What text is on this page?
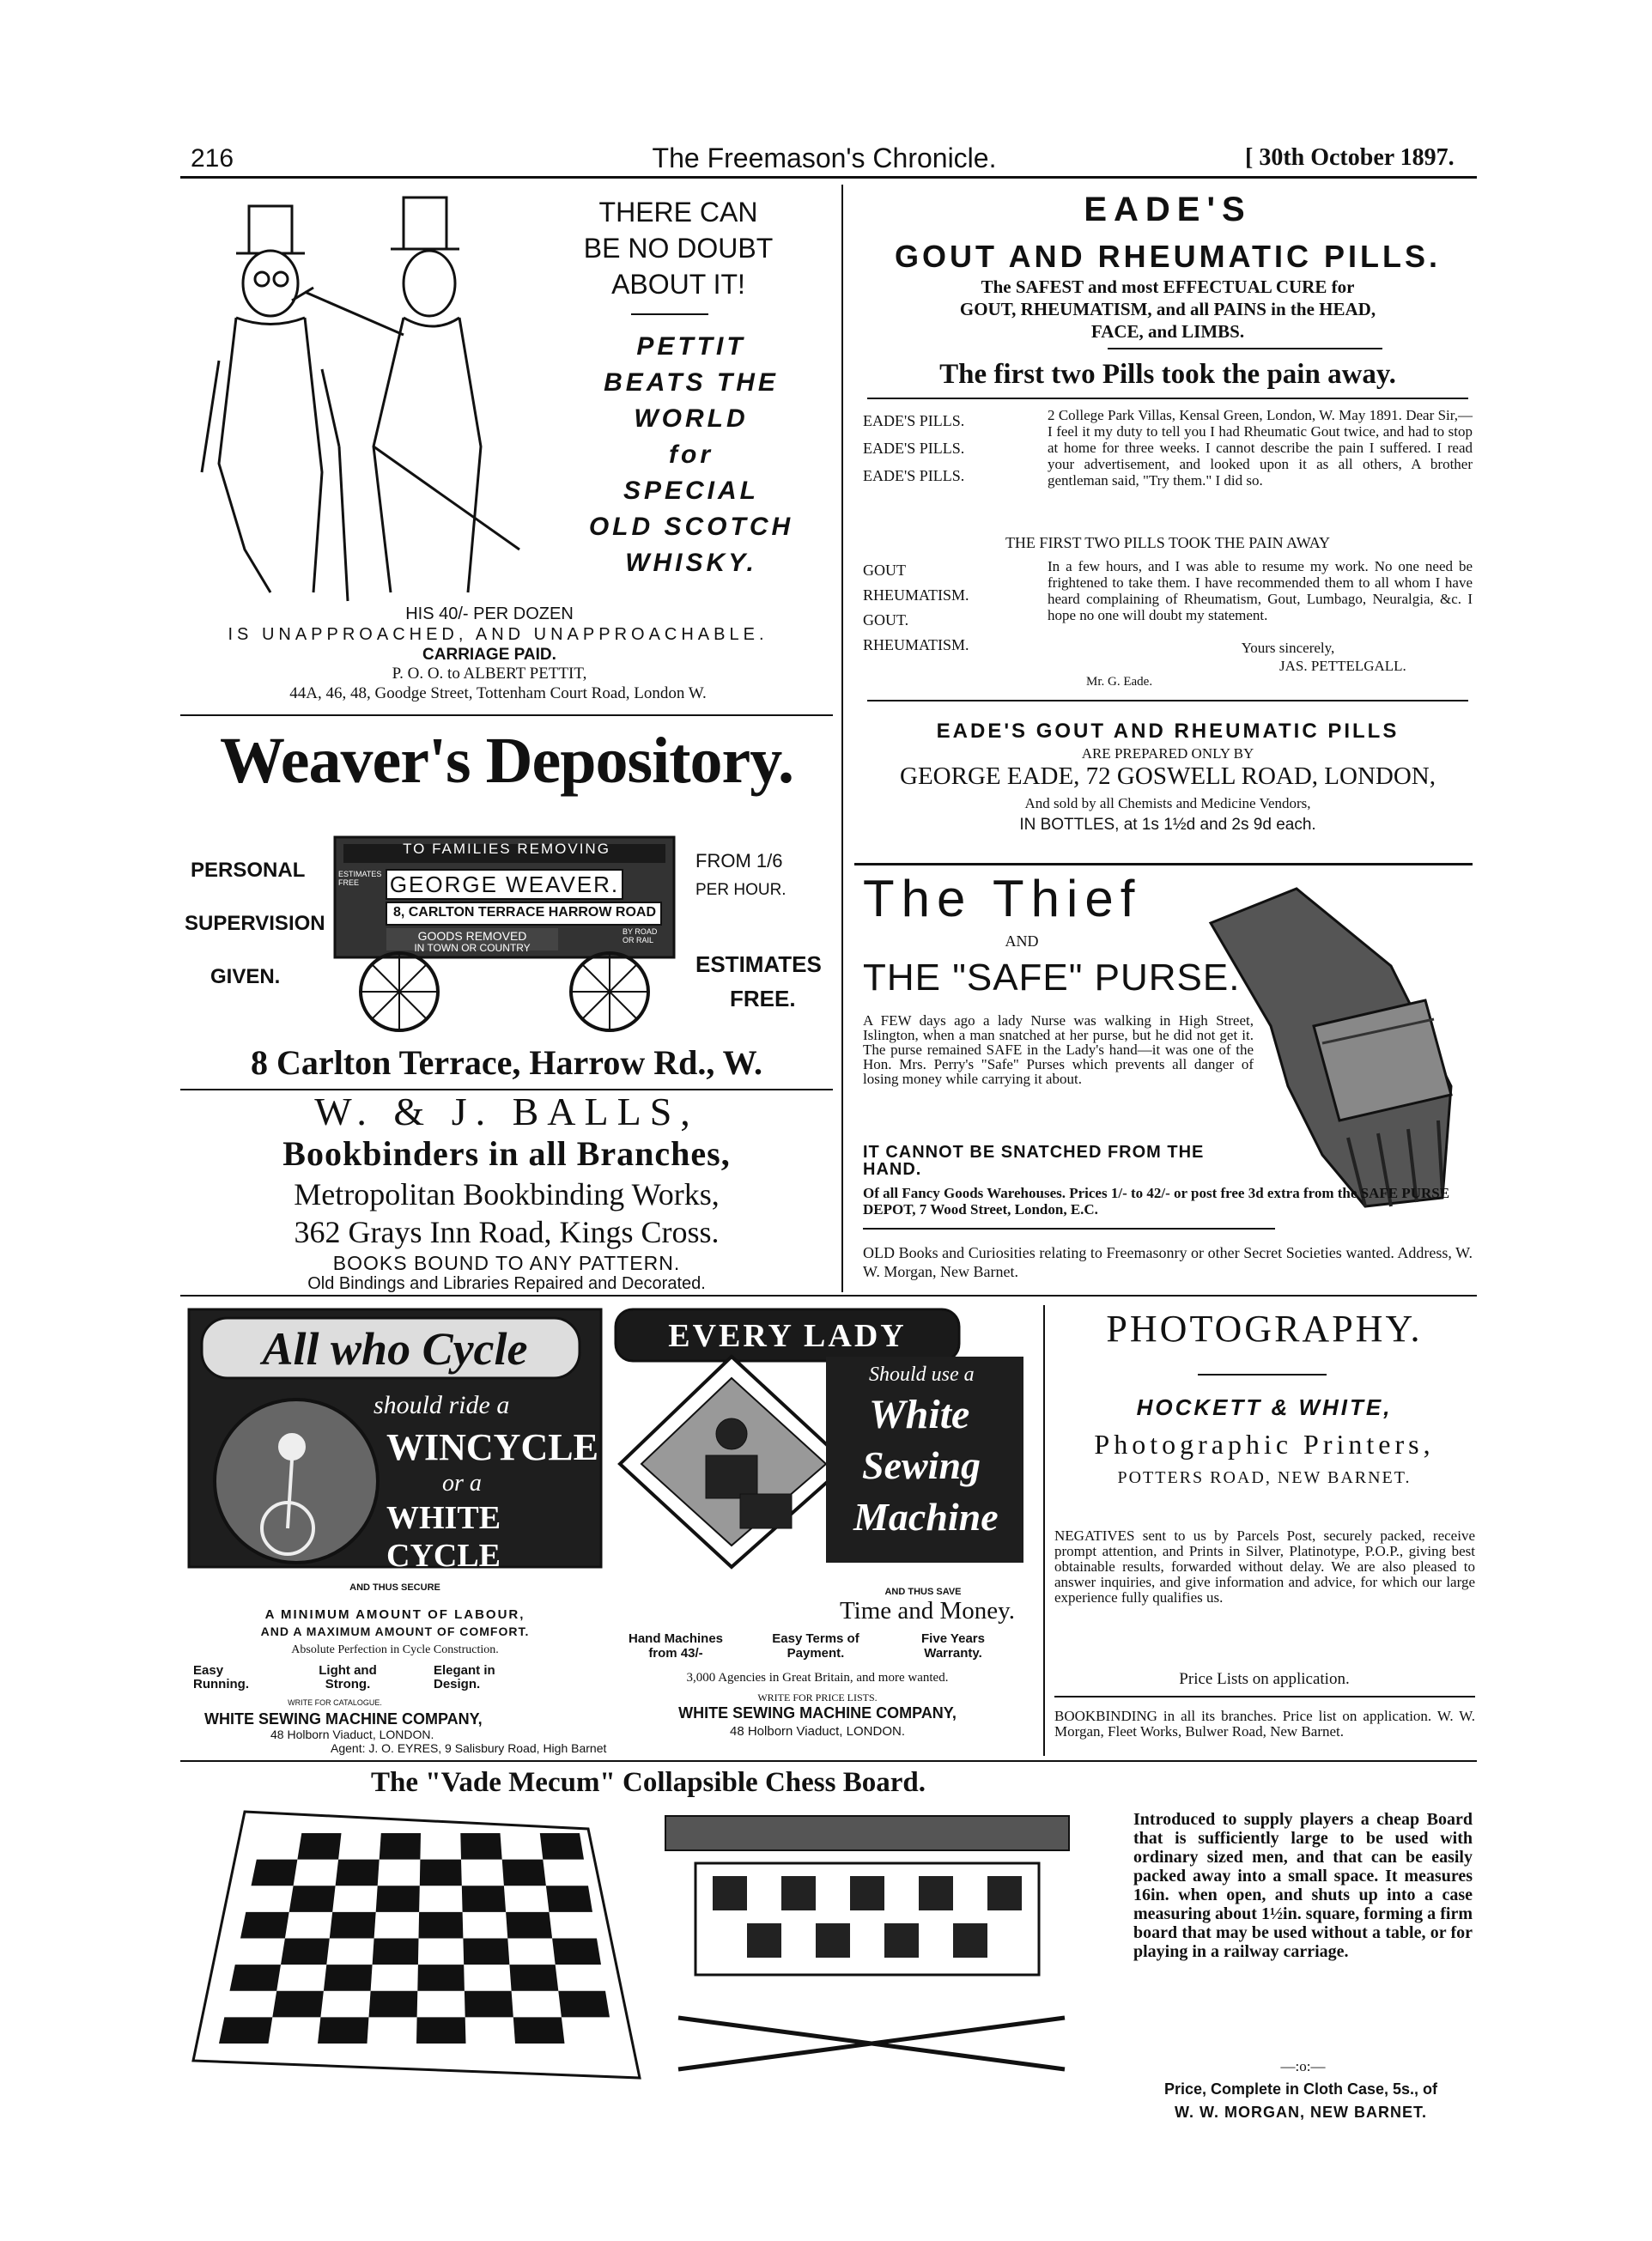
216	The Freemason's Chronicle.	[ 30th October 1897.
THERE CAN
BE NO DOUBT
ABOUT IT!
PETTIT
BEATS THE
WORLD
for
SPECIAL
OLD SCOTCH
WHISKY.
HIS 40/- PER DOZEN
IS UNAPPROACHED, AND UNAPPROACHABLE.
CARRIAGE PAID.
P. O. O. to ALBERT PETTIT,
44A, 46, 48, Goodge Street, Tottenham Court Road, London W.
EADE'S
GOUT AND RHEUMATIC PILLS.
The SAFEST and most EFFECTUAL CURE for
GOUT, RHEUMATISM, and all PAINS in the HEAD,
FACE, and LIMBS.
The first two Pills took the pain away.
EADE'S PILLS.
EADE'S PILLS.
EADE'S PILLS.
2 College Park Villas, Kensal Green, London, W. May 1891. Dear Sir,—I feel it my duty to tell you I had Rheumatic Gout twice, and had to stop at home for three weeks. I cannot describe the pain I suffered. I read your advertisement, and looked upon it as all others, A brother gentleman said, "Try them." I did so.
THE FIRST TWO PILLS TOOK THE PAIN AWAY
GOUT
RHEUMATISM.
GOUT.
RHEUMATISM.
In a few hours, and I was able to resume my work. No one need be frightened to take them. I have recommended them to all whom I have heard complaining of Rheumatism, Gout, Lumbago, Neuralgia, &c. I hope no one will doubt my statement.
Yours sincerely,
JAS. PETTELGALL.
Mr. G. Eade.
EADE'S GOUT AND RHEUMATIC PILLS
ARE PREPARED ONLY BY
GEORGE EADE, 72 GOSWELL ROAD, LONDON,
And sold by all Chemists and Medicine Vendors,
IN BOTTLES, at 1s 1½d and 2s 9d each.
Weaver's Depository.
PERSONAL
SUPERVISION
GIVEN.
TO FAMILIES REMOVING
GEORGE WEAVER.
8, CARLTON TERRACE HARROW ROAD
GOODS REMOVED
IN TOWN OR COUNTRY
ESTIMATES FREE
BY ROAD OR RAIL
FROM 1/6
PER HOUR.
ESTIMATES
FREE.
8 Carlton Terrace, Harrow Rd., W.
W. & J. BALLS,
Bookbinders in all Branches,
Metropolitan Bookbinding Works,
362 Grays Inn Road, Kings Cross.
BOOKS BOUND TO ANY PATTERN.
Old Bindings and Libraries Repaired and Decorated.
The Thief
AND
THE "SAFE" PURSE.
A FEW days ago a lady Nurse was walking in High Street, Islington, when a man snatched at her purse, but he did not get it. The purse remained SAFE in the Lady's hand—it was one of the Hon. Mrs. Perry's "Safe" Purses which prevents all danger of losing money while carrying it about.
IT CANNOT BE SNATCHED FROM THE HAND.
Of all Fancy Goods Warehouses. Prices 1/- to 42/- or post free 3d extra from the SAFE PURSE DEPOT, 7 Wood Street, London, E.C.
OLD Books and Curiosities relating to Freemasonry or other Secret Societies wanted. Address, W. W. Morgan, New Barnet.
All who Cycle
should ride a
WINCYCLE
or a
WHITE CYCLE
AND THUS SECURE
A MINIMUM AMOUNT OF LABOUR,
AND A MAXIMUM AMOUNT OF COMFORT.
Absolute Perfection in Cycle Construction.
Easy Running.
Light and Strong.
Elegant in Design.
WRITE FOR CATALOGUE.
WHITE SEWING MACHINE COMPANY,
48 Holborn Viaduct, LONDON.
EVERY LADY
Should use a
White
Sewing
Machine
AND THUS SAVE
Time and Money.
Hand Machines from 43/-
Easy Terms of Payment.
Five Years Warranty.
3,000 Agencies in Great Britain, and more wanted.
WRITE FOR PRICE LISTS.
WHITE SEWING MACHINE COMPANY,
48 Holborn Viaduct, LONDON.
Agent: J. O. EYRES, 9 Salisbury Road, High Barnet
PHOTOGRAPHY.
HOCKETT & WHITE,
Photographic Printers,
POTTERS ROAD, NEW BARNET.
NEGATIVES sent to us by Parcels Post, securely packed, receive prompt attention, and Prints in Silver, Platinotype, P.O.P., giving best obtainable results, forwarded without delay. We are also pleased to answer inquiries, and give information and advice, for which our large experience fully qualifies us.
Price Lists on application.
BOOKBINDING in all its branches. Price list on application. W. W. Morgan, Fleet Works, Bulwer Road, New Barnet.
The "Vade Mecum" Collapsible Chess Board.
Introduced to supply players a cheap Board that is sufficiently large to be used with ordinary sized men, and that can be easily packed away into a small space. It measures 16in. when open, and shuts up into a case measuring about 1½in. square, forming a firm board that may be used without a table, or for playing in a railway carriage.
—:o:—
Price, Complete in Cloth Case, 5s., of
W. W. MORGAN, NEW BARNET.
